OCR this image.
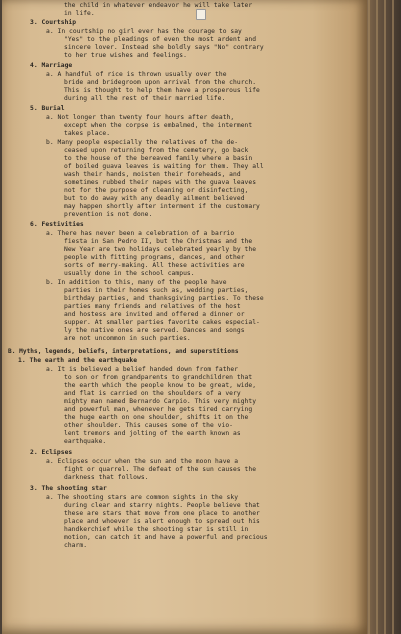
the child in whatever endeavor he will take later
in life.
3. Courtship
a. In courtship no girl ever has the courage to say
"Yes" to the pleadings of even the most ardent and
sincere lover. Instead she boldly says "No" contrary
to her true wishes and feelings.
4. Marriage
a. A handful of rice is thrown usually over the
bride and bridegroom upon arrival from the church.
This is thought to help them have a prosperous life
during all the rest of their married life.
5. Burial
a. Not longer than twenty four hours after death,
except when the corpse is embalmed, the interment
takes place.
b. Many people especially the relatives of the de-
ceased upon returning from the cemetery, go back
to the house of the bereaved family where a basin
of boiled guava leaves is waiting for them. They all
wash their hands, moisten their foreheads, and
sometimes rubbed their napes with the guava leaves
not for the purpose of cleaning or disinfecting,
but to do away with any deadly ailment believed
may happen shortly after interment if the customary
prevention is not done.
6. Festivities
a. There has never been a celebration of a barrio
fiesta in San Pedro II, but the Christmas and the
New Year are two holidays celebrated yearly by the
people with fitting programs, dances, and other
sorts of merry-making. All these activities are
usually done in the school campus.
b. In addition to this, many of the people have
parties in their homes such as, wedding parties,
birthday parties, and thanksgiving parties. To these
parties many friends and relatives of the host
and hostess are invited and offered a dinner or
supper. At smaller parties favorite cakes especial-
ly the native ones are served. Dances and songs
are not uncommon in such parties.
B. Myths, legends, beliefs, interpretations, and superstitions
1. The earth and the earthquake
a. It is believed a belief handed down from father
to son or from grandparents to grandchildren that
the earth which the people know to be great, wide,
and flat is carried on the shoulders of a very
mighty man named Bernardo Carpio. This very mighty
and powerful man, whenever he gets tired carrying
the huge earth on one shoulder, shifts it on the
other shoulder. This causes some of the vio-
lent tremors and jolting of the earth known as
earthquake.
2. Eclipses
a. Eclipses occur when the sun and the moon have a
fight or quarrel. The defeat of the sun causes the
darkness that follows.
3. The shooting star
a. The shooting stars are common sights in the sky
during clear and starry nights. People believe that
these are stars that move from one place to another
place and whoever is alert enough to spread out his
handkerchief while the shooting star is still in
motion, can catch it and have a powerful and precious
charm.
